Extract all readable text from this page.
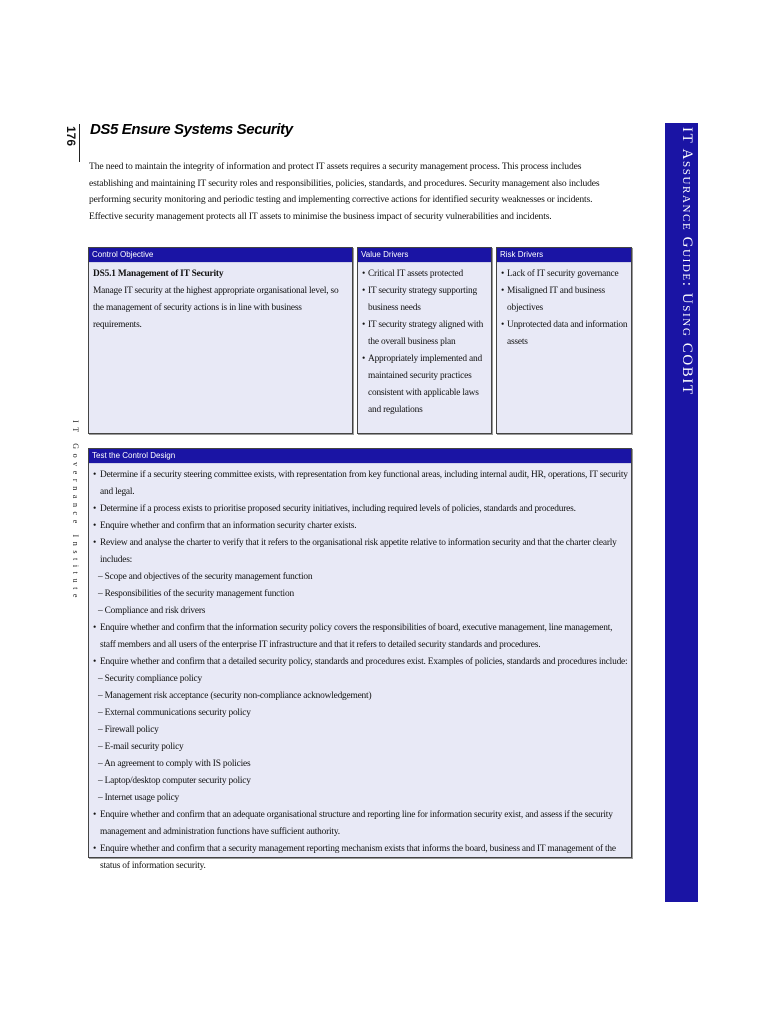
176
IT Governance Institute
IT Assurance Guide: Using COBIT
DS5 Ensure Systems Security

The need to maintain the integrity of information and protect IT assets requires a security management process. This process includes establishing and maintaining IT security roles and responsibilities, policies, standards, and procedures. Security management also includes performing security monitoring and periodic testing and implementing corrective actions for identified security weaknesses or incidents. Effective security management protects all IT assets to minimise the business impact of security vulnerabilities and incidents.

Control Objective
DS5.1 Management of IT Security
Manage IT security at the highest appropriate organisational level, so the management of security actions is in line with business requirements.
Value Drivers
• Critical IT assets protected
• IT security strategy supporting business needs
• IT security strategy aligned with the overall business plan
• Appropriately implemented and maintained security practices consistent with applicable laws and regulations
Risk Drivers
• Lack of IT security governance
• Misaligned IT and business objectives
• Unprotected data and information assets
Test the Control Design
• Determine if a security steering committee exists, with representation from key functional areas, including internal audit, HR, operations, IT security and legal.
• Determine if a process exists to prioritise proposed security initiatives, including required levels of policies, standards and procedures.
• Enquire whether and confirm that an information security charter exists.
• Review and analyse the charter to verify that it refers to the organisational risk appetite relative to information security and that the charter clearly includes:
– Scope and objectives of the security management function
– Responsibilities of the security management function
– Compliance and risk drivers
• Enquire whether and confirm that the information security policy covers the responsibilities of board, executive management, line management, staff members and all users of the enterprise IT infrastructure and that it refers to detailed security standards and procedures.
• Enquire whether and confirm that a detailed security policy, standards and procedures exist. Examples of policies, standards and procedures include:
– Security compliance policy
– Management risk acceptance (security non-compliance acknowledgement)
– External communications security policy
– Firewall policy
– E-mail security policy
– An agreement to comply with IS policies
– Laptop/desktop computer security policy
– Internet usage policy
• Enquire whether and confirm that an adequate organisational structure and reporting line for information security exist, and assess if the security management and administration functions have sufficient authority.
• Enquire whether and confirm that a security management reporting mechanism exists that informs the board, business and IT management of the status of information security.
